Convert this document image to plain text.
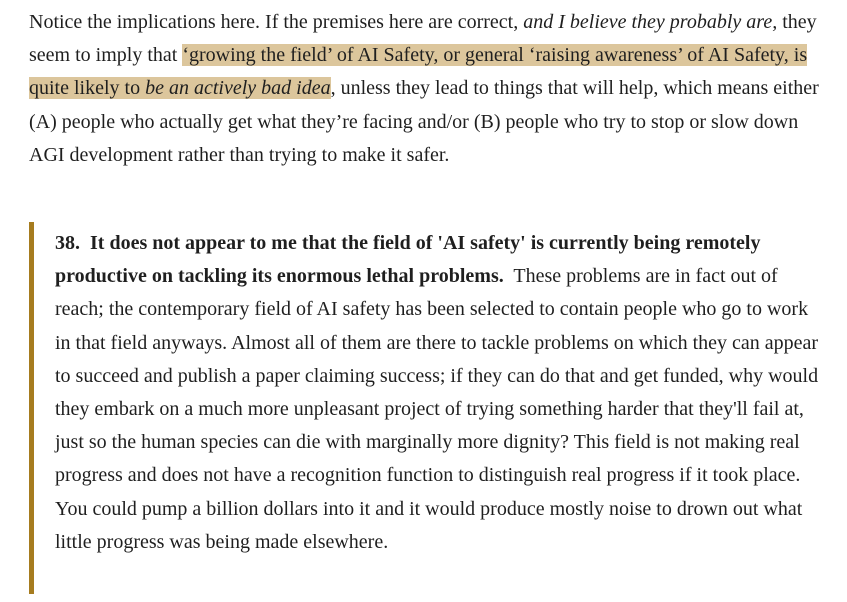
Notice the implications here. If the premises here are correct, and I believe they probably are, they seem to imply that ‘growing the field’ of AI Safety, or general ‘raising awareness’ of AI Safety, is quite likely to be an actively bad idea, unless they lead to things that will help, which means either (A) people who actually get what they’re facing and/or (B) people who try to stop or slow down AGI development rather than trying to make it safer.

38. It does not appear to me that the field of 'AI safety' is currently being remotely productive on tackling its enormous lethal problems. These problems are in fact out of reach; the contemporary field of AI safety has been selected to contain people who go to work in that field anyways. Almost all of them are there to tackle problems on which they can appear to succeed and publish a paper claiming success; if they can do that and get funded, why would they embark on a much more unpleasant project of trying something harder that they'll fail at, just so the human species can die with marginally more dignity? This field is not making real progress and does not have a recognition function to distinguish real progress if it took place. You could pump a billion dollars into it and it would produce mostly noise to drown out what little progress was being made elsewhere.
